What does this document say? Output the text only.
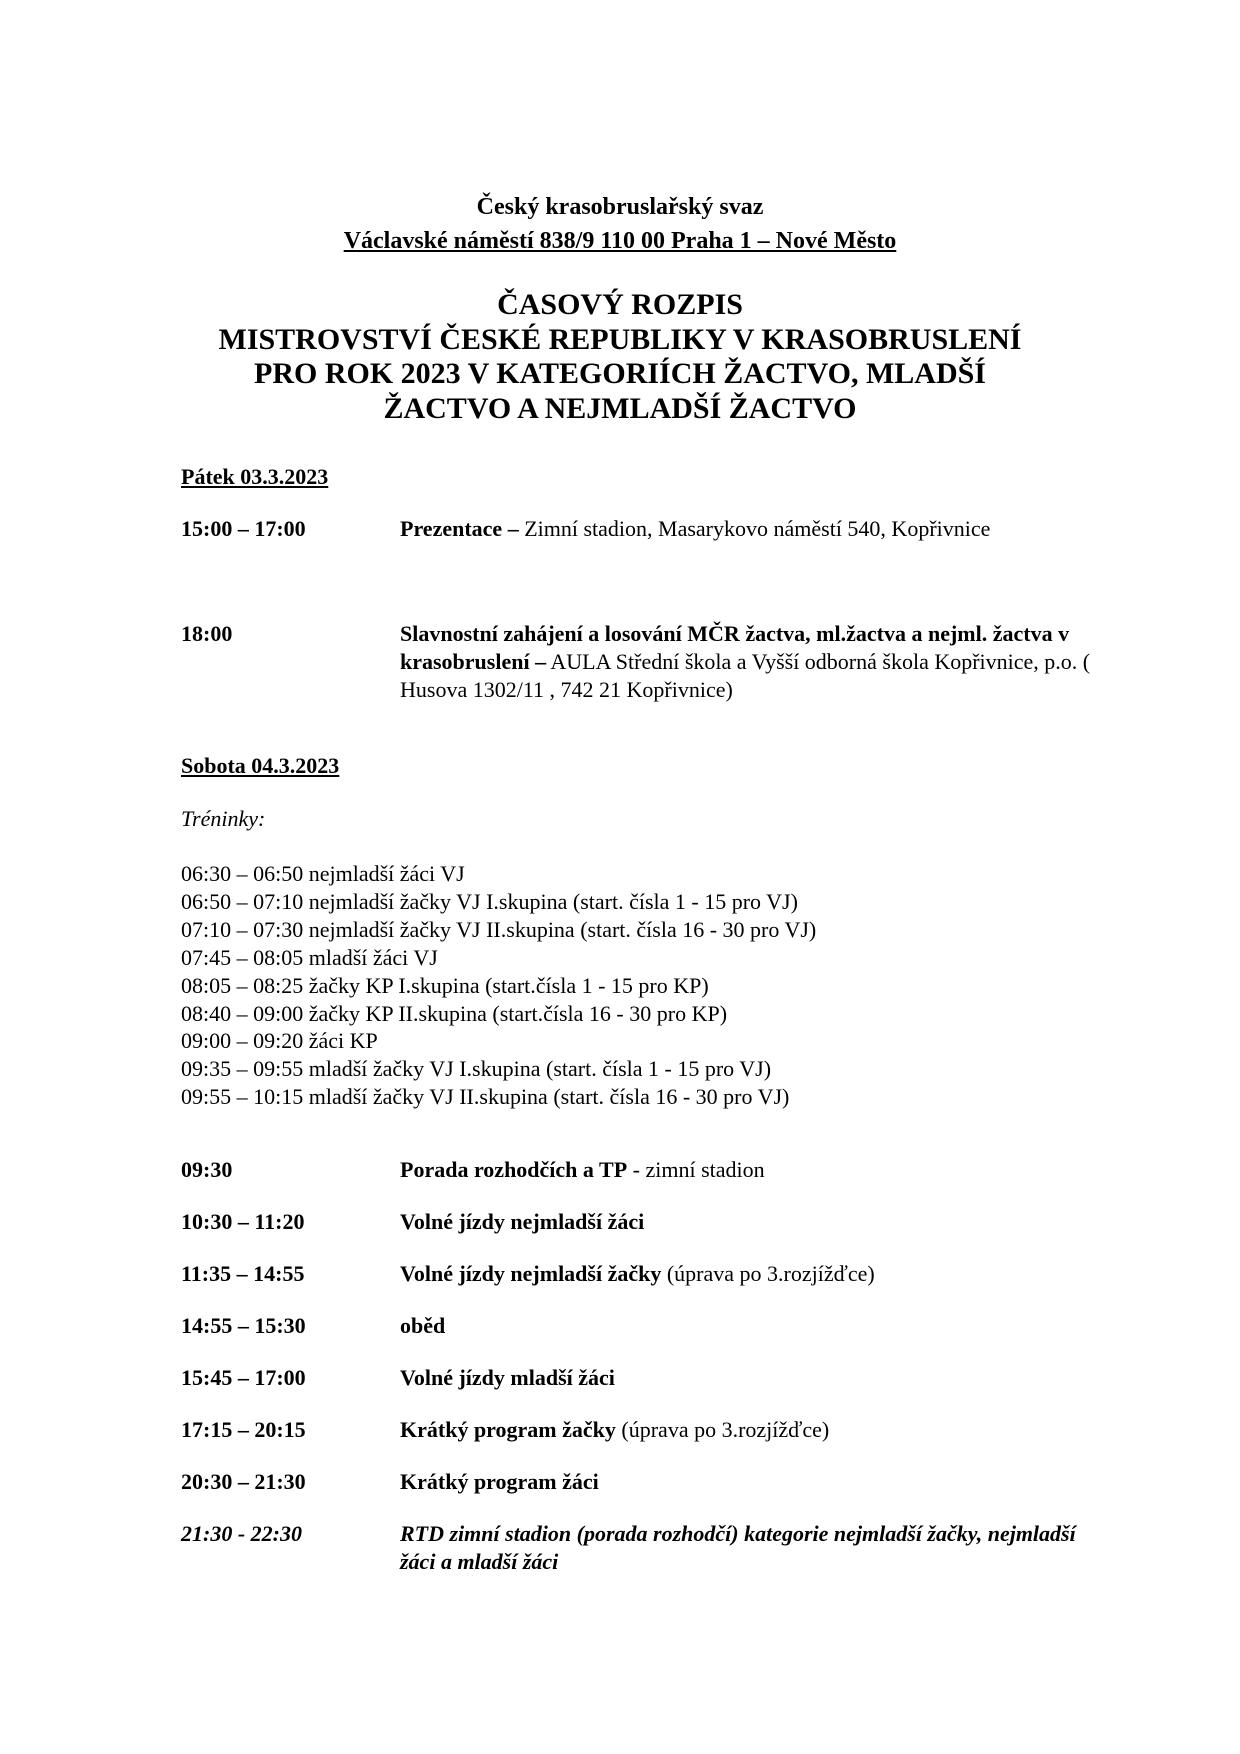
Český krasobruslařský svaz
Václavské náměstí 838/9 110 00 Praha 1 – Nové Město
ČASOVÝ ROZPIS
MISTROVSTVÍ ČESKÉ REPUBLIKY V KRASOBRUSLENÍ
PRO ROK 2023 V KATEGORIÍCH ŽACTVO, MLADŠÍ
ŽACTVO A NEJMLADŠÍ ŽACTVO
Pátek 03.3.2023
15:00 – 17:00	Prezentace – Zimní stadion, Masarykovo náměstí 540, Kopřivnice
18:00	Slavnostní zahájení a losování MČR žactva, ml.žactva a nejml. žactva v krasobruslení – AULA Střední škola a Vyšší odborná škola Kopřivnice, p.o. ( Husova 1302/11 , 742 21 Kopřivnice)
Sobota 04.3.2023
Tréninky:
06:30 – 06:50 nejmladší žáci VJ
06:50 – 07:10 nejmladší žačky VJ I.skupina (start. čísla 1 - 15 pro VJ)
07:10 – 07:30 nejmladší žačky VJ II.skupina (start. čísla 16 - 30 pro VJ)
07:45 – 08:05 mladší žáci VJ
08:05 – 08:25 žačky KP I.skupina (start.čísla 1 - 15 pro KP)
08:40 – 09:00 žačky KP II.skupina (start.čísla 16 - 30 pro KP)
09:00 – 09:20 žáci KP
09:35 – 09:55 mladší žačky VJ I.skupina (start. čísla 1 - 15 pro VJ)
09:55 – 10:15 mladší žačky VJ II.skupina (start. čísla 16 - 30 pro VJ)
09:30	Porada rozhodčích a TP - zimní stadion
10:30 – 11:20	Volné jízdy nejmladší žáci
11:35 – 14:55	Volné jízdy nejmladší žačky (úprava po 3.rozjížďce)
14:55 – 15:30	oběd
15:45 – 17:00	Volné jízdy mladší žáci
17:15 – 20:15	Krátký program žačky (úprava po 3.rozjížďce)
20:30 – 21:30	Krátký program žáci
21:30 - 22:30	RTD zimní stadion (porada rozhodčí) kategorie nejmladší žačky, nejmladší žáci a mladší žáci
